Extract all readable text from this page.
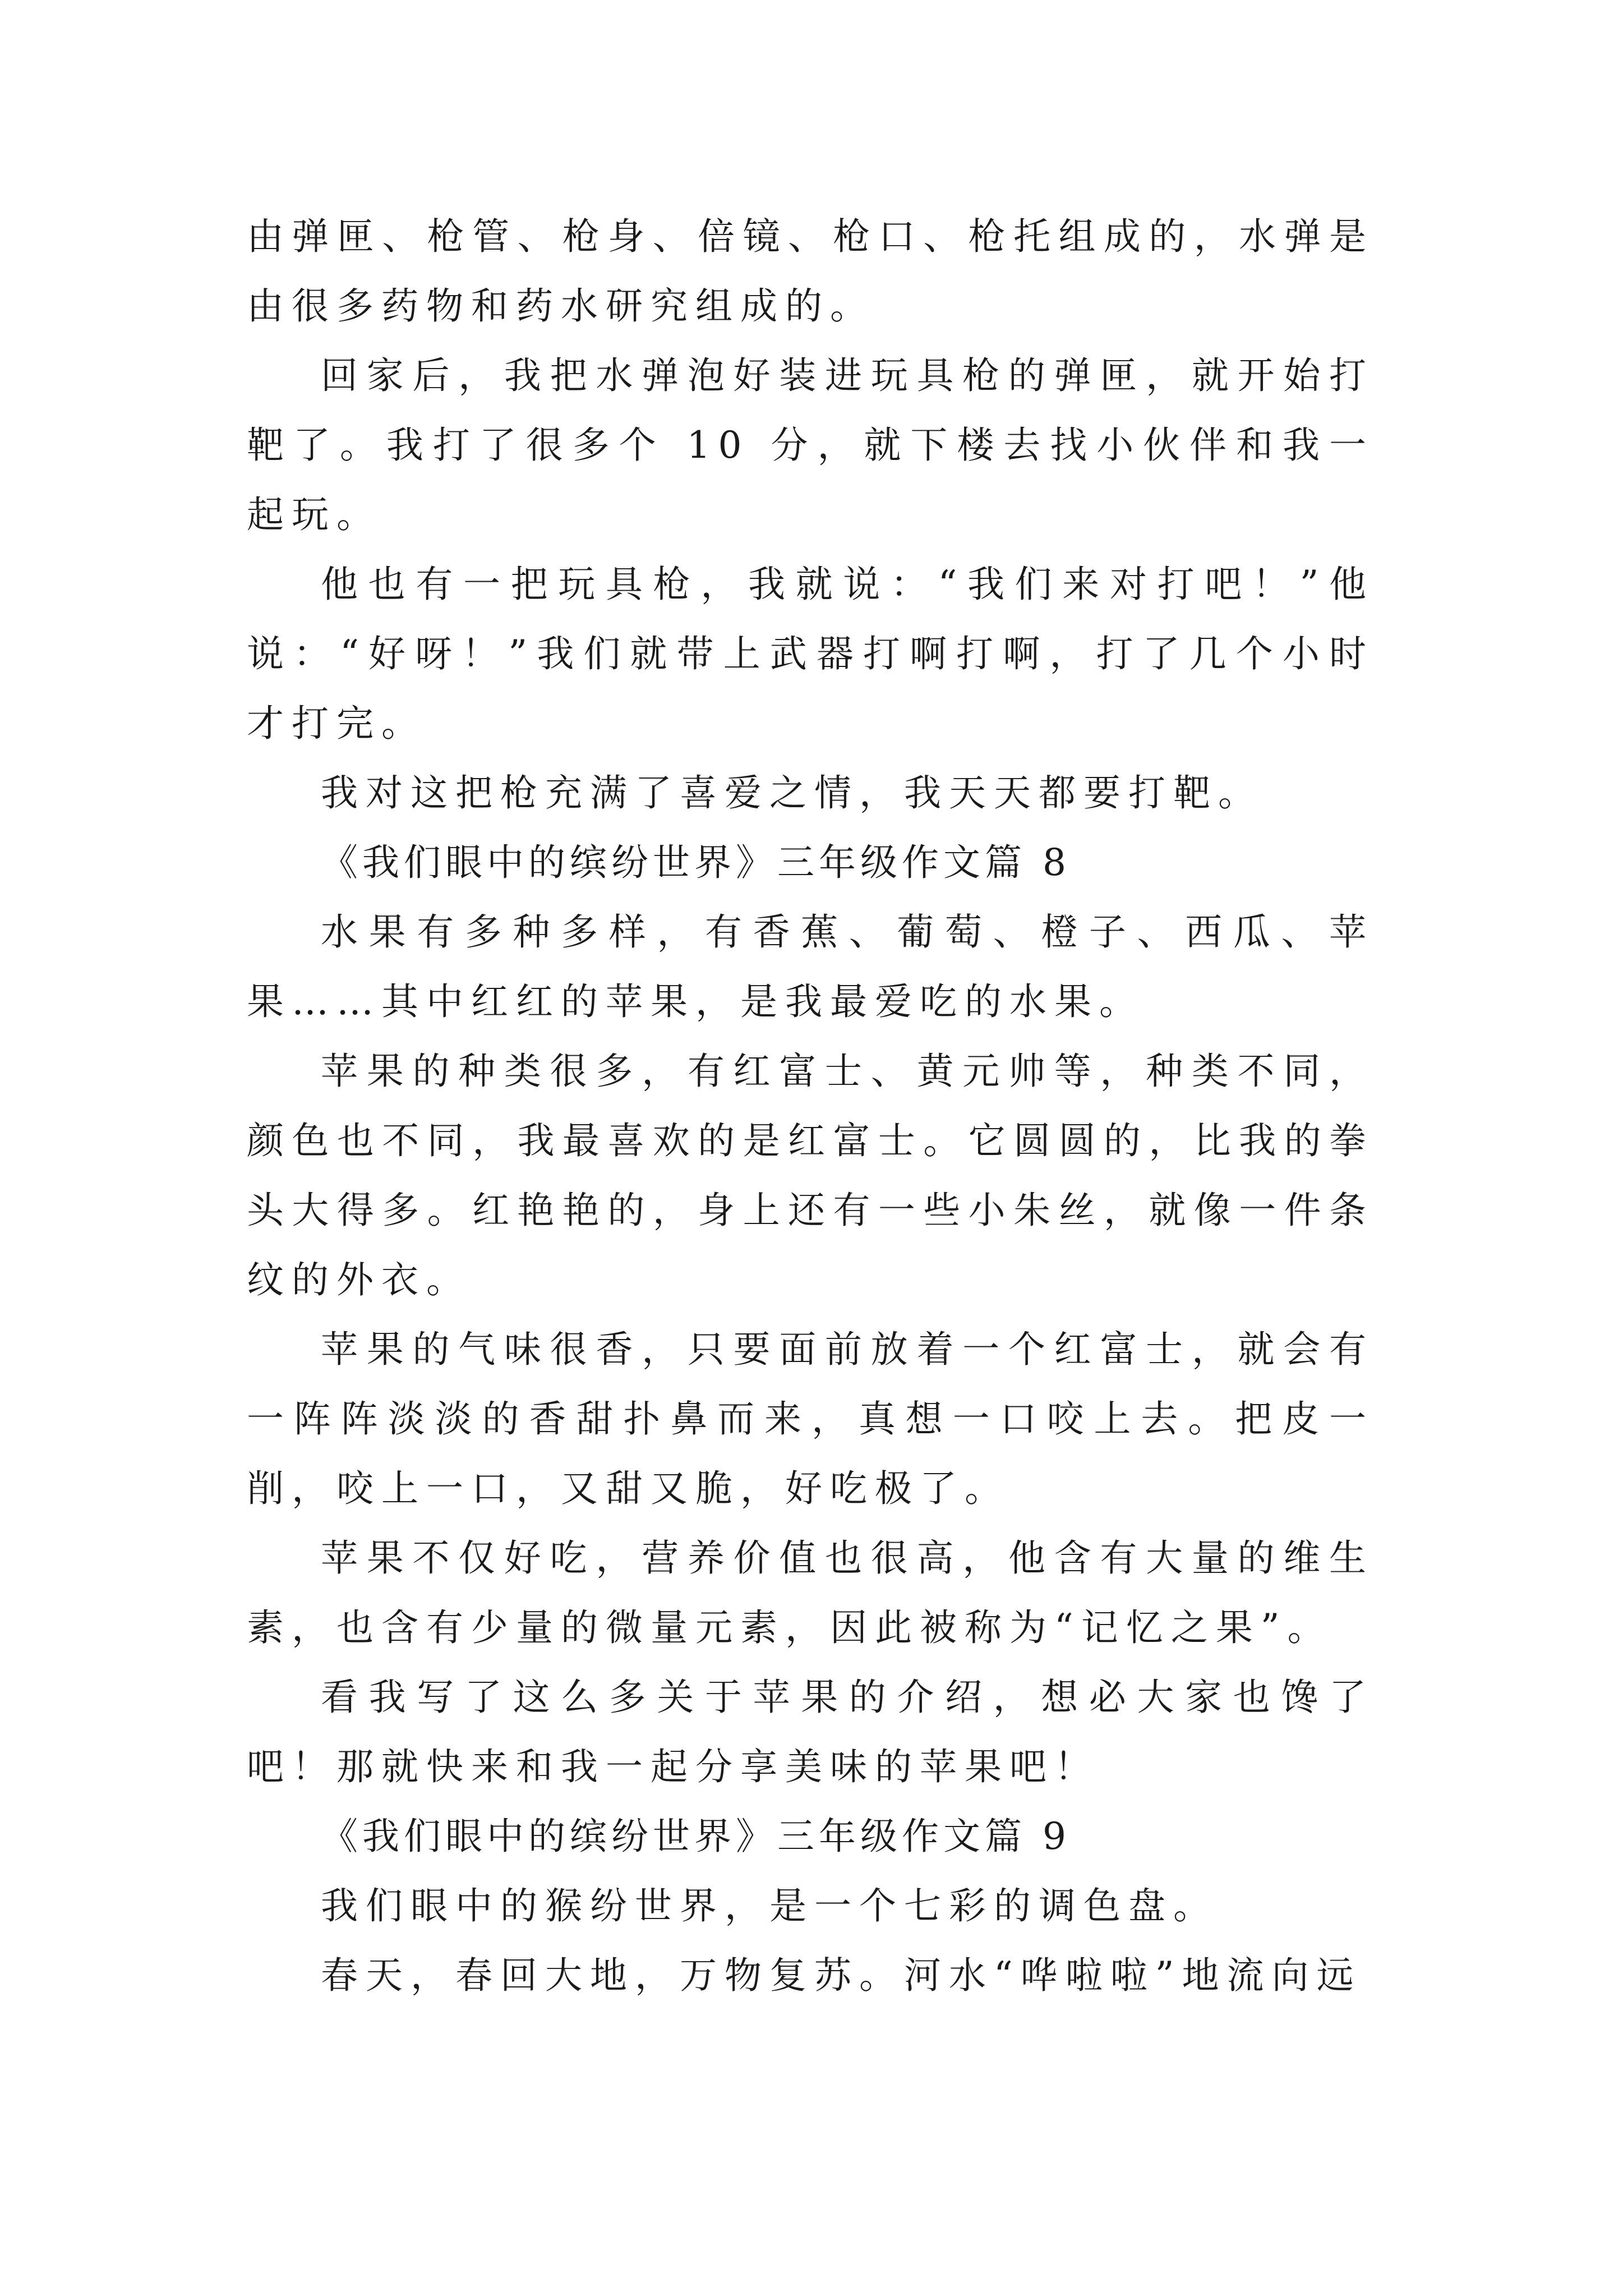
由弹匣、枪管、枪身、倍镜、枪口、枪托组成的，水弹是由很多药物和药水研究组成的。

回家后，我把水弹泡好装进玩具枪的弹匣，就开始打靶了。我打了很多个 10 分，就下楼去找小伙伴和我一起玩。

他也有一把玩具枪，我就说：“我们来对打吧！”他说：“好呀！”我们就带上武器打啊打啊，打了几个小时才打完。

我对这把枪充满了喜爱之情，我天天都要打靶。

《我们眼中的缤纷世界》三年级作文篇 8

水果有多种多样，有香蕉、葡萄、橙子、西瓜、苹果……其中红红的苹果，是我最爱吃的水果。

苹果的种类很多，有红富士、黄元帅等，种类不同，颜色也不同，我最喜欢的是红富士。它圆圆的，比我的拳头大得多。红艳艳的，身上还有一些小朱丝，就像一件条纹的外衣。

苹果的气味很香，只要面前放着一个红富士，就会有一阵阵淡淡的香甜扑鼻而来，真想一口咬上去。把皮一削，咬上一口，又甜又脆，好吃极了。

苹果不仅好吃，营养价值也很高，他含有大量的维生素，也含有少量的微量元素，因此被称为“记忆之果”。

看我写了这么多关于苹果的介绍，想必大家也馋了吧！那就快来和我一起分享美味的苹果吧！

《我们眼中的缤纷世界》三年级作文篇 9

我们眼中的猴纷世界，是一个七彩的调色盘。

春天，春回大地，万物复苏。河水“哗啦啦”地流向远
